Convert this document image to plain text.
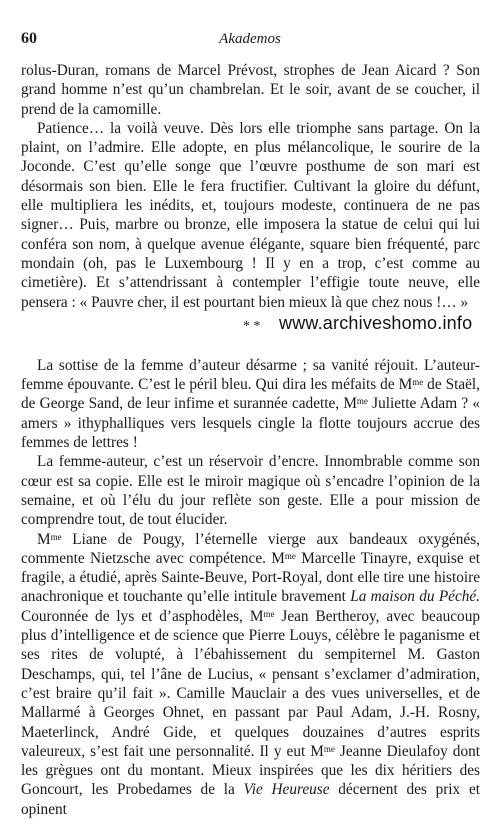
60	Akademos

rolus-Duran, romans de Marcel Prévost, strophes de Jean Aicard ? Son grand homme n’est qu’un chambrelan. Et le soir, avant de se coucher, il prend de la camomille.

Patience… la voilà veuve. Dès lors elle triomphe sans partage. On la plaint, on l’admire. Elle adopte, en plus mélancolique, le sourire de la Joconde. C’est qu’elle songe que l’œuvre posthume de son mari est désormais son bien. Elle le fera fructifier. Cultivant la gloire du défunt, elle multipliera les inédits, et, toujours modeste, continuera de ne pas signer… Puis, marbre ou bronze, elle imposera la statue de celui qui lui conféra son nom, à quelque avenue élégante, square bien fréquenté, parc mondain (oh, pas le Luxembourg ! Il y en a trop, c’est comme au cimetière). Et s’attendrissant à contempler l’effigie toute neuve, elle pensera : « Pauvre cher, il est pourtant bien mieux là que chez nous !… »

* * www.archiveshomo.info

La sottise de la femme d’auteur désarme ; sa vanité réjouit. L’auteur-femme épouvante. C’est le péril bleu. Qui dira les méfaits de $M^{me}$ de Staël, de George Sand, de leur infime et surannée cadette, $M^{me}$ Juliette Adam ? « amers » ithyphalliques vers lesquels cingle la flotte toujours accrue des femmes de lettres !

La femme-auteur, c’est un réservoir d’encre. Innombrable comme son cœur est sa copie. Elle est le miroir magique où s’encadre l’opinion de la semaine, et où l’élu du jour reflète son geste. Elle a pour mission de comprendre tout, de tout élucider.

$M^{me}$ Liane de Pougy, l’éternelle vierge aux bandeaux oxygénés, commente Nietzsche avec compétence. $M^{me}$ Marcelle Tinayre, exquise et fragile, a étudié, après Sainte-Beuve, Port-Royal, dont elle tire une histoire anachronique et touchante qu’elle intitule bravement La maison du Péché. Couronnée de lys et d’asphodèles, $M^{me}$ Jean Bertheroy, avec beaucoup plus d’intelligence et de science que Pierre Louys, célèbre le paganisme et ses rites de volupté, à l’ébahissement du sempiternel M. Gaston Deschamps, qui, tel l’âne de Lucius, « pensant s’exclamer d’admiration, c’est braire qu’il fait ». Camille Mauclair a des vues universelles, et de Mallarmé à Georges Ohnet, en passant par Paul Adam, J.-H. Rosny, Maeterlinck, André Gide, et quelques douzaines d’autres esprits valeureux, s’est fait une personnalité. Il y eut $M^{me}$ Jeanne Dieulafoy dont les grègues ont du montant. Mieux inspirées que les dix héritiers des Goncourt, les Probedames de la Vie Heureuse décernent des prix et opinent
